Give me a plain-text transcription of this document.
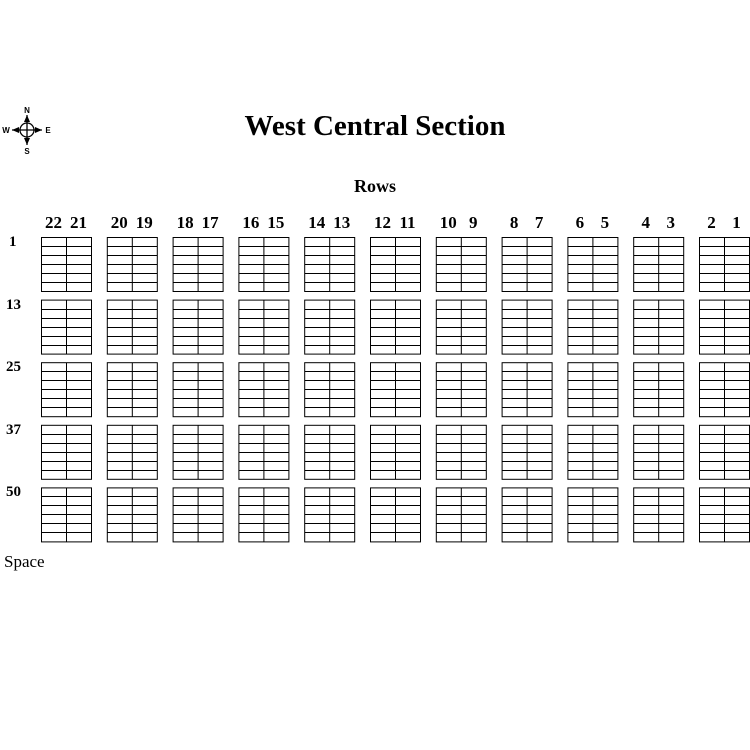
N
S
W	E	West Central Section
Rows
22 21 20 19 18 17 16 15 14 13 12 11 10 9	8 7	6 5	4 3	2 1
1
13
25
37
50
Space
